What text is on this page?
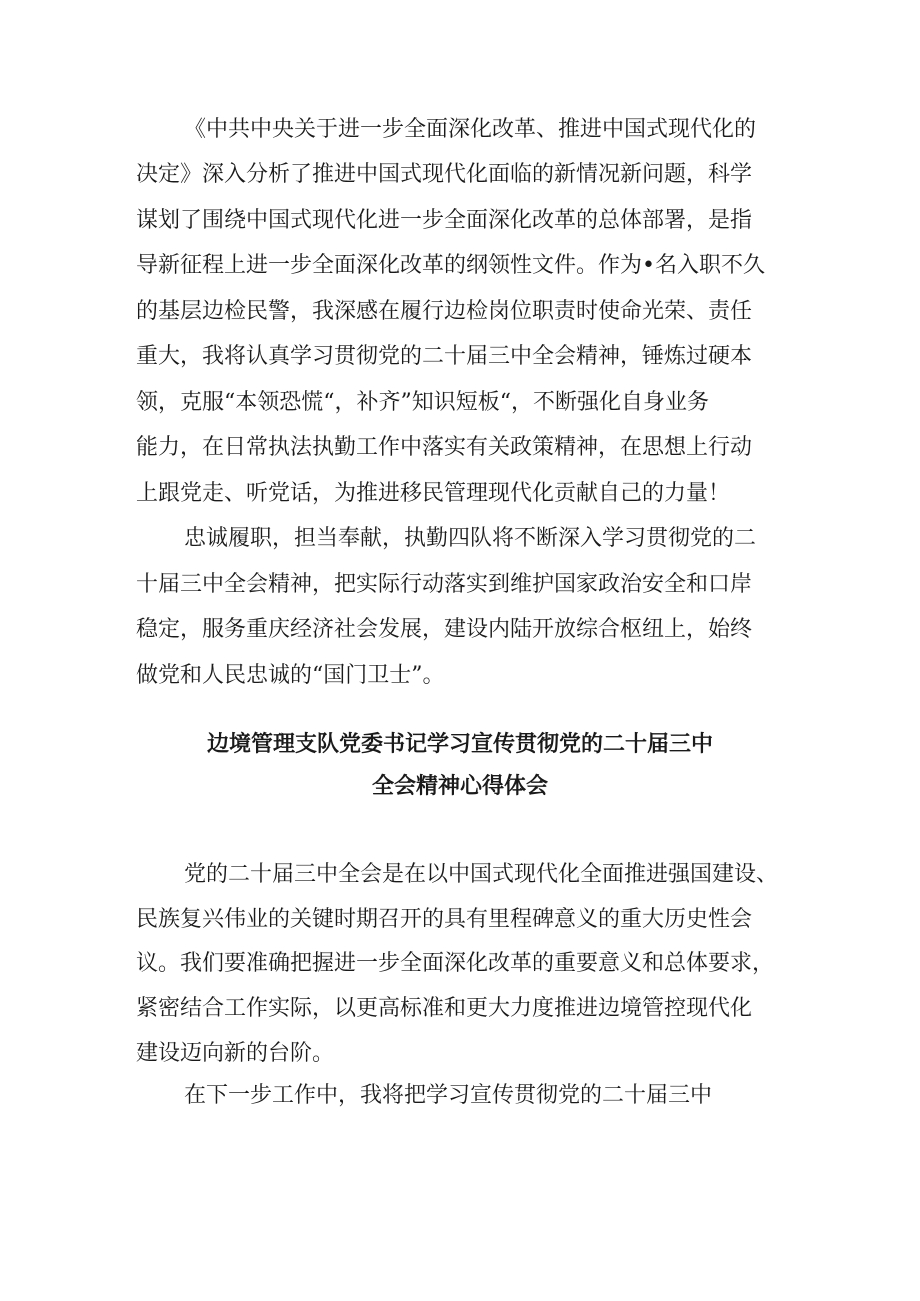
《中共中央关于进一步全面深化改革、推进中国式现代化的

决定》深入分析了推进中国式现代化面临的新情况新问题，科学

谋划了围绕中国式现代化进一步全面深化改革的总体部署，是指

导新征程上进一步全面深化改革的纲领性文件。作为•名入职不久

的基层边检民警，我深感在履行边检岗位职责时使命光荣、责任

重大，我将认真学习贯彻党的二十届三中全会精神，锤炼过硬本

领，克服“本领恐慌“，补齐”知识短板“，不断强化自身业务

能力，在日常执法执勤工作中落实有关政策精神，在思想上行动

上跟党走、听党话，为推进移民管理现代化贡献自己的力量！

忠诚履职，担当奉献，执勤四队将不断深入学习贯彻党的二

十届三中全会精神，把实际行动落实到维护国家政治安全和口岸

稳定，服务重庆经济社会发展，建设内陆开放综合枢纽上，始终

做党和人民忠诚的“国门卫士”。

边境管理支队党委书记学习宣传贯彻党的二十届三中

全会精神心得体会

党的二十届三中全会是在以中国式现代化全面推进强国建设、

民族复兴伟业的关键时期召开的具有里程碑意义的重大历史性会

议。我们要准确把握进一步全面深化改革的重要意义和总体要求，

紧密结合工作实际，以更高标准和更大力度推进边境管控现代化

建设迈向新的台阶。

在下一步工作中，我将把学习宣传贯彻党的二十届三中
